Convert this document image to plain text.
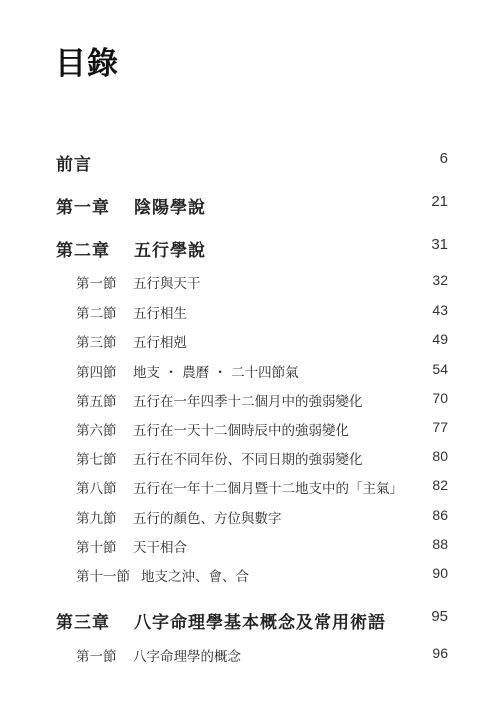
目錄
前言	6
第一章	陰陽學說	21
第二章	五行學說	31
第一節	五行與天干	32
第二節	五行相生	43
第三節	五行相剋	49
第四節	地支 ・ 農曆 ・ 二十四節氣	54
第五節	五行在一年四季十二個月中的強弱變化	70
第六節	五行在一天十二個時辰中的強弱變化	77
第七節	五行在不同年份、不同日期的強弱變化	80
第八節	五行在一年十二個月暨十二地支中的「主氣」 82
第九節	五行的顏色、方位與數字	86
第十節	天干相合	88
第十一節 地支之沖、會、合	90
第三章	八字命理學基本概念及常用術語	95
第一節	八字命理學的概念	96
